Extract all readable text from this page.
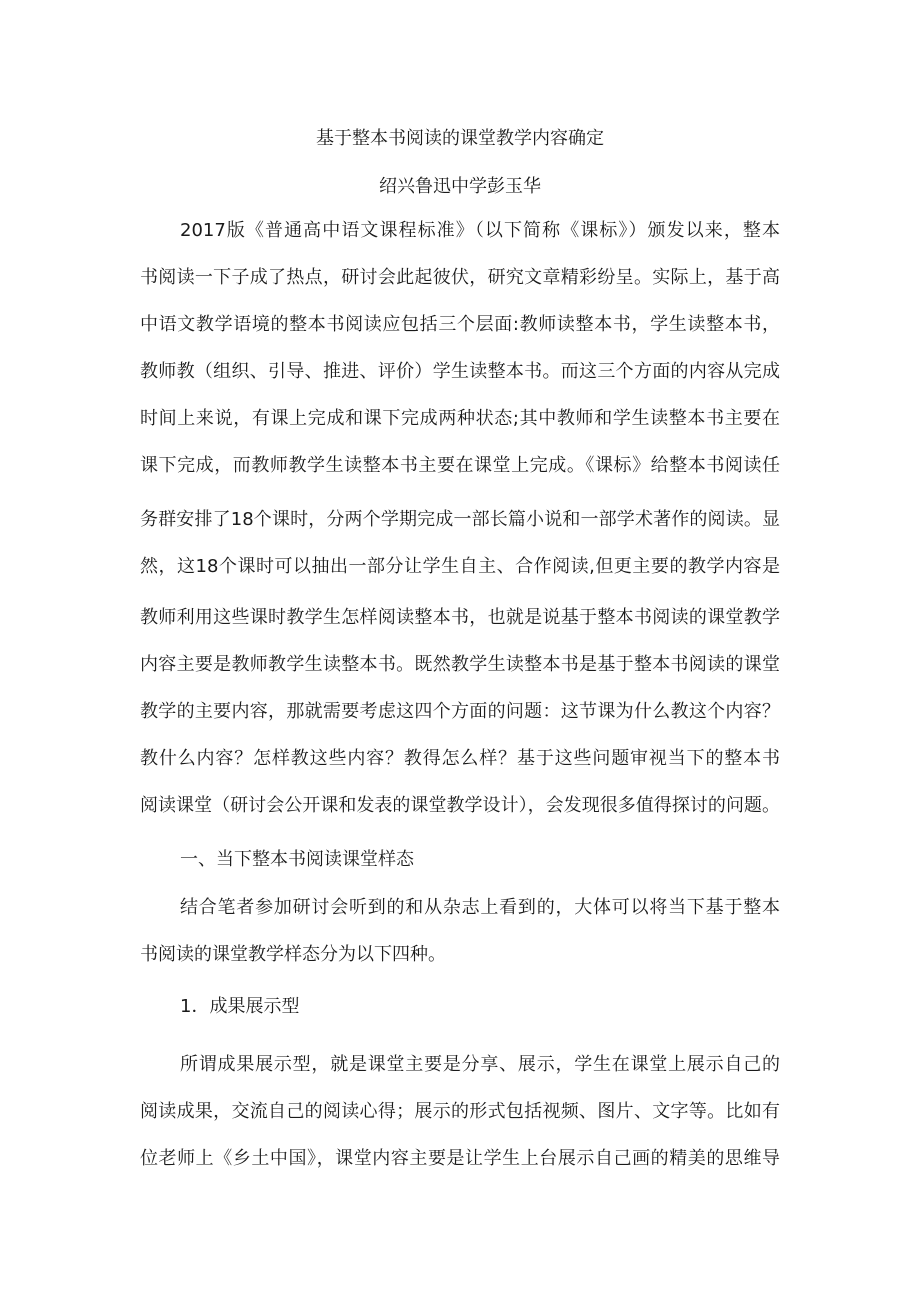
基于整本书阅读的课堂教学内容确定
绍兴鲁迅中学彭玉华
2017版《普通高中语文课程标准》（以下简称《课标》）颁发以来，整本
书阅读一下子成了热点，研讨会此起彼伏，研究文章精彩纷呈。实际上，基于高
中语文教学语境的整本书阅读应包括三个层面:教师读整本书，学生读整本书，
教师教（组织、引导、推进、评价）学生读整本书。而这三个方面的内容从完成
时间上来说，有课上完成和课下完成两种状态;其中教师和学生读整本书主要在
课下完成，而教师教学生读整本书主要在课堂上完成。《课标》给整本书阅读任
务群安排了18个课时，分两个学期完成一部长篇小说和一部学术著作的阅读。显
然，这18个课时可以抽出一部分让学生自主、合作阅读,但更主要的教学内容是
教师利用这些课时教学生怎样阅读整本书，也就是说基于整本书阅读的课堂教学
内容主要是教师教学生读整本书。既然教学生读整本书是基于整本书阅读的课堂
教学的主要内容，那就需要考虑这四个方面的问题：这节课为什么教这个内容？
教什么内容？怎样教这些内容？教得怎么样？基于这些问题审视当下的整本书
阅读课堂（研讨会公开课和发表的课堂教学设计），会发现很多值得探讨的问题。
一、当下整本书阅读课堂样态
结合笔者参加研讨会听到的和从杂志上看到的，大体可以将当下基于整本
书阅读的课堂教学样态分为以下四种。
1．成果展示型
所谓成果展示型，就是课堂主要是分享、展示，学生在课堂上展示自己的
阅读成果，交流自己的阅读心得；展示的形式包括视频、图片、文字等。比如有
位老师上《乡土中国》，课堂内容主要是让学生上台展示自己画的精美的思维导
